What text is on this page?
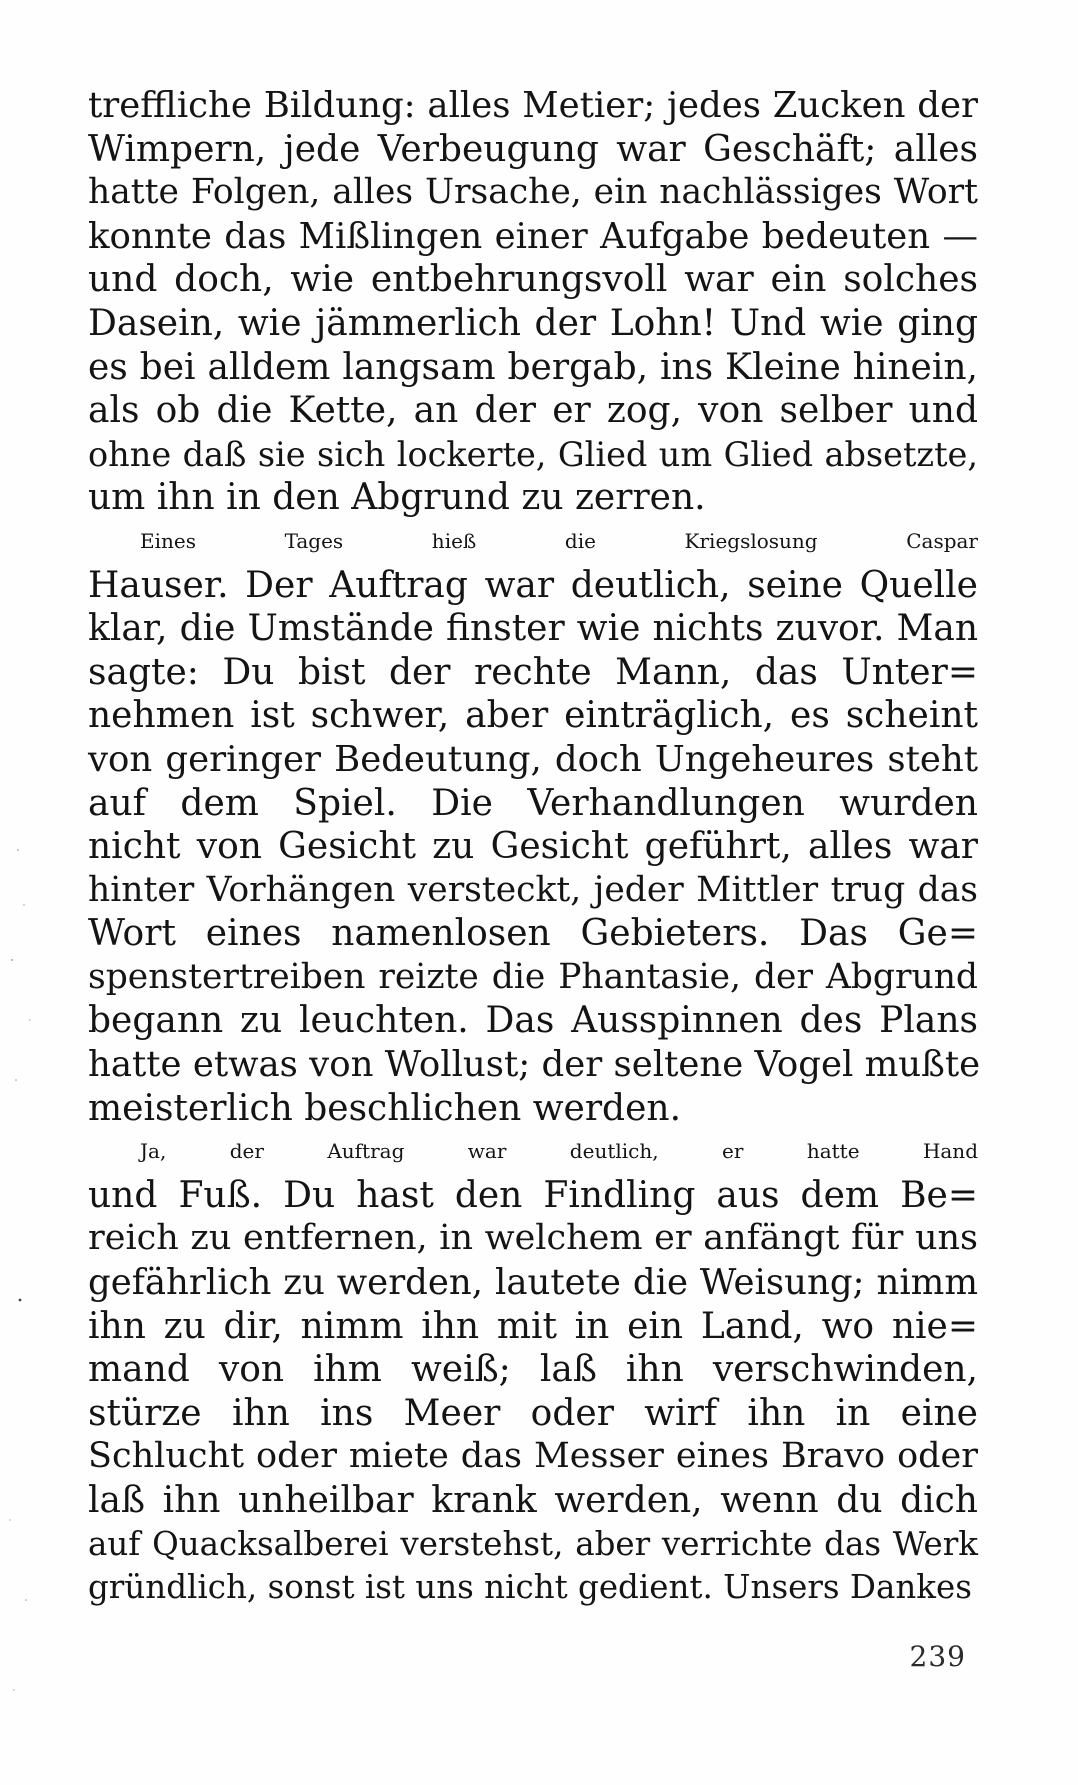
treffliche Bildung: alles Metier; jedes Zucken der
Wimpern, jede Verbeugung war Geschäft; alles
hatte Folgen, alles Ursache, ein nachlässiges Wort
konnte das Mißlingen einer Aufgabe bedeuten —
und doch, wie entbehrungsvoll war ein solches
Dasein, wie jämmerlich der Lohn! Und wie ging
es bei alldem langsam bergab, ins Kleine hinein,
als ob die Kette, an der er zog, von selber und
ohne daß sie sich lockerte, Glied um Glied absetzte,
um ihn in den Abgrund zu zerren.
Eines Tages hieß die Kriegslosung Caspar
Hauser. Der Auftrag war deutlich, seine Quelle
klar, die Umstände finster wie nichts zuvor. Man
sagte: Du bist der rechte Mann, das Unter=
nehmen ist schwer, aber einträglich, es scheint
von geringer Bedeutung, doch Ungeheures steht
auf dem Spiel. Die Verhandlungen wurden
nicht von Gesicht zu Gesicht geführt, alles war
hinter Vorhängen versteckt, jeder Mittler trug das
Wort eines namenlosen Gebieters. Das Ge=
spenstertreiben reizte die Phantasie, der Abgrund
begann zu leuchten. Das Ausspinnen des Plans
hatte etwas von Wollust; der seltene Vogel mußte
meisterlich beschlichen werden.
Ja, der Auftrag war deutlich, er hatte Hand
und Fuß. Du hast den Findling aus dem Be=
reich zu entfernen, in welchem er anfängt für uns
gefährlich zu werden, lautete die Weisung; nimm
ihn zu dir, nimm ihn mit in ein Land, wo nie=
mand von ihm weiß; laß ihn verschwinden,
stürze ihn ins Meer oder wirf ihn in eine
Schlucht oder miete das Messer eines Bravo oder
laß ihn unheilbar krank werden, wenn du dich
auf Quacksalberei verstehst, aber verrichte das Werk
gründlich, sonst ist uns nicht gedient. Unsers Dankes
239
